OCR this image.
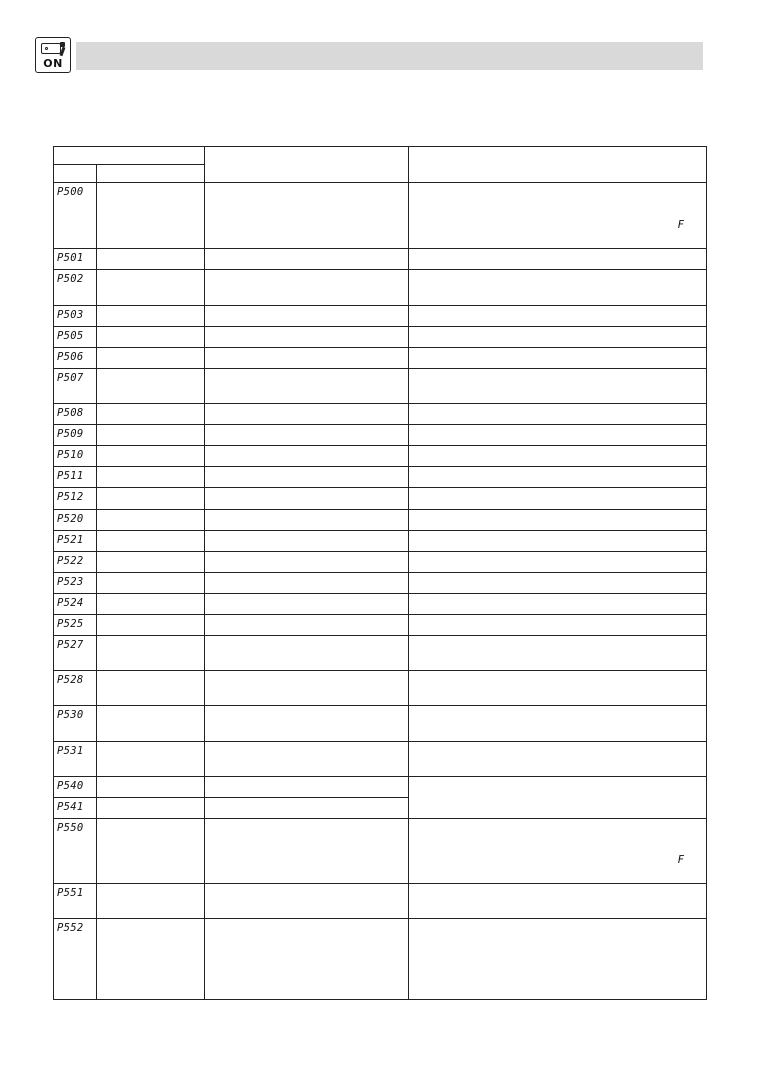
ON

P500			F

P501			

P502			

P503			

P505			

P506			

P507			

P508			

P509			

P510			

P511			

P512			

P520			

P521			

P522			

P523			

P524			

P525			

P527			

P528			

P530			

P531			

P540			

P541			

P550			F

P551			

P552			
